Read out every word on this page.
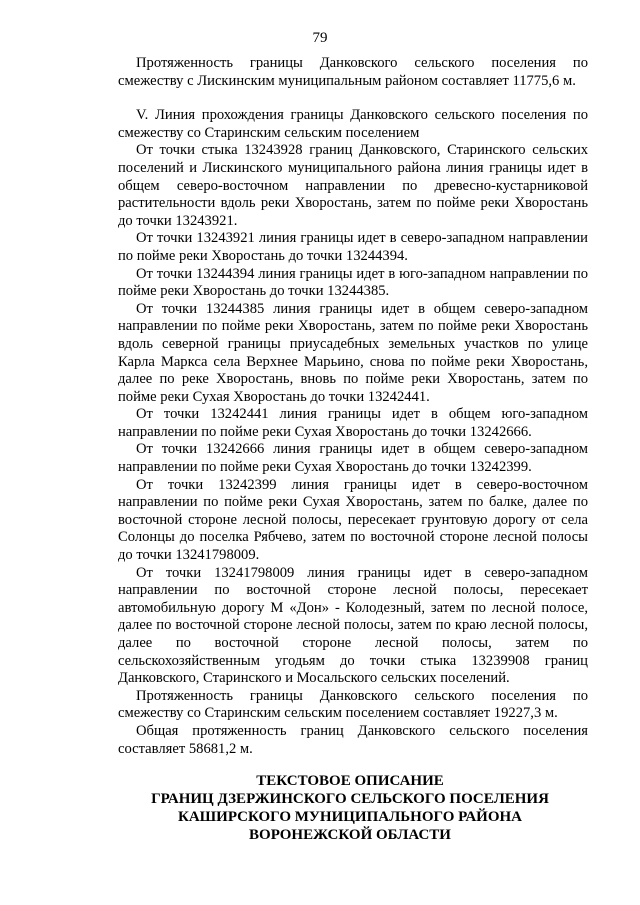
79

Протяженность границы Данковского сельского поселения по смежеству с Лискинским муниципальным районом составляет 11775,6 м.

V. Линия прохождения границы Данковского сельского поселения по смежеству со Старинским сельским поселением

От точки стыка 13243928 границ Данковского, Старинского сельских поселений и Лискинского муниципального района линия границы идет в общем северо-восточном направлении по древесно-кустарниковой растительности вдоль реки Хворостань, затем по пойме реки Хворостань до точки 13243921.

От точки 13243921 линия границы идет в северо-западном направлении по пойме реки Хворостань до точки 13244394.

От точки 13244394 линия границы идет в юго-западном направлении по пойме реки Хворостань до точки 13244385.

От точки 13244385 линия границы идет в общем северо-западном направлении по пойме реки Хворостань, затем по пойме реки Хворостань вдоль северной границы приусадебных земельных участков по улице Карла Маркса села Верхнее Марьино, снова по пойме реки Хворостань, далее по реке Хворостань, вновь по пойме реки Хворостань, затем по пойме реки Сухая Хворостань до точки 13242441.

От точки 13242441 линия границы идет в общем юго-западном направлении по пойме реки Сухая Хворостань до точки 13242666.

От точки 13242666 линия границы идет в общем северо-западном направлении по пойме реки Сухая Хворостань до точки 13242399.

От точки 13242399 линия границы идет в северо-восточном направлении по пойме реки Сухая Хворостань, затем по балке, далее по восточной стороне лесной полосы, пересекает грунтовую дорогу от села Солонцы до поселка Рябчево, затем по восточной стороне лесной полосы до точки 13241798009.

От точки 13241798009 линия границы идет в северо-западном направлении по восточной стороне лесной полосы, пересекает автомобильную дорогу М «Дон» - Колодезный, затем по лесной полосе, далее по восточной стороне лесной полосы, затем по краю лесной полосы, далее по восточной стороне лесной полосы, затем по сельскохозяйственным угодьям до точки стыка 13239908 границ Данковского, Старинского и Мосальского сельских поселений.

Протяженность границы Данковского сельского поселения по смежеству со Старинским сельским поселением составляет 19227,3 м.

Общая протяженность границ Данковского сельского поселения составляет 58681,2 м.

ТЕКСТОВОЕ ОПИСАНИЕ
ГРАНИЦ ДЗЕРЖИНСКОГО СЕЛЬСКОГО ПОСЕЛЕНИЯ
КАШИРСКОГО МУНИЦИПАЛЬНОГО РАЙОНА
ВОРОНЕЖСКОЙ ОБЛАСТИ
